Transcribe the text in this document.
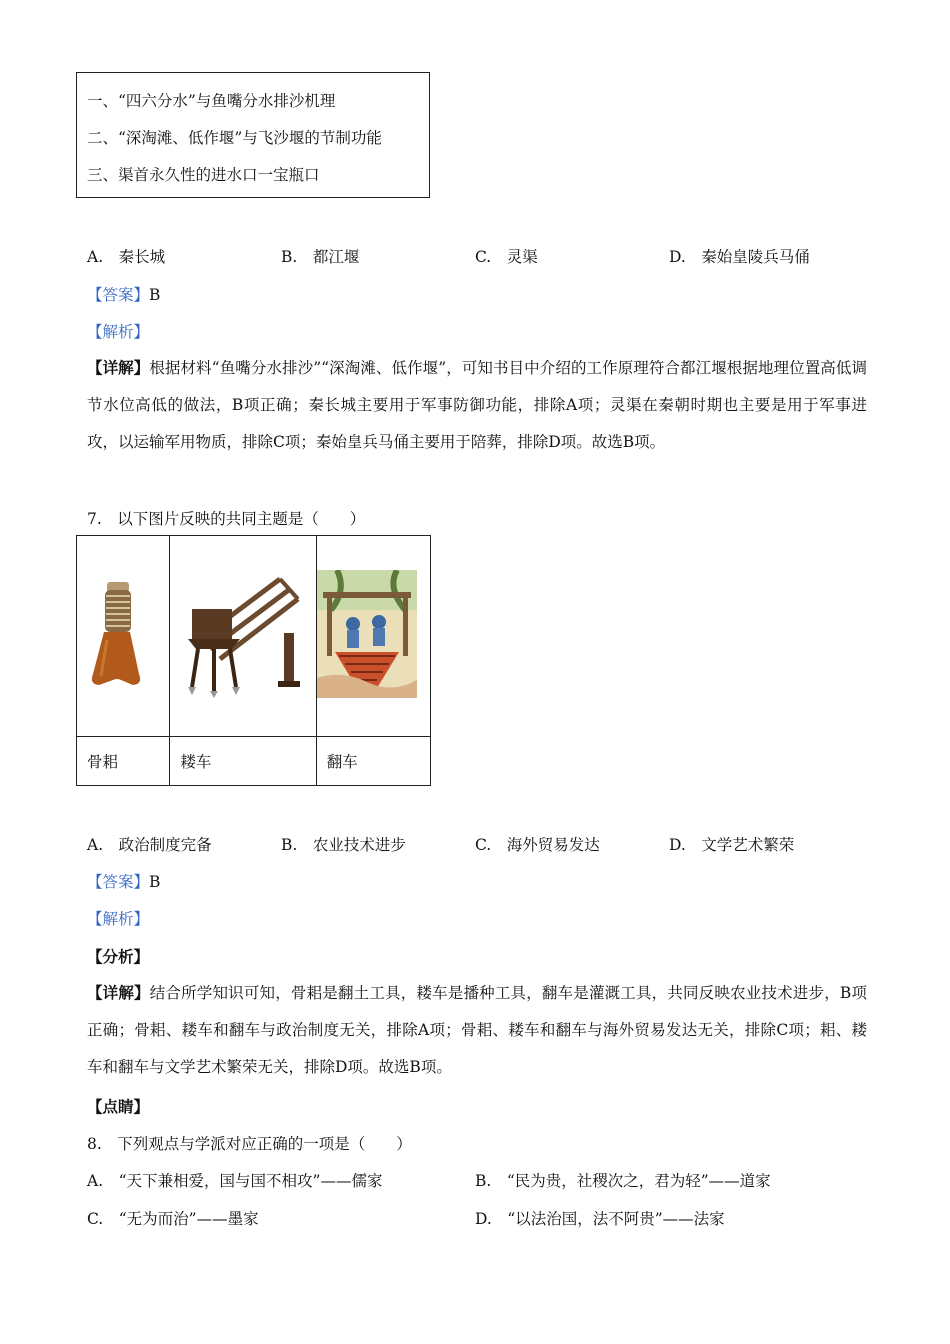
一、“四六分水”与鱼嘴分水排沙机理
二、“深淘滩、低作堰”与飞沙堰的节制功能
三、渠首永久性的进水口一宝瓶口
A.　秦长城	B.　都江堰	C.　灵渠	D.　秦始皇陵兵马俑
【答案】B
【解析】
【详解】根据材料“鱼嘴分水排沙”“深淘滩、低作堰”，可知书目中介绍的工作原理符合都江堰根据地理位置高低调节水位高低的做法，B项正确；秦长城主要用于军事防御功能，排除A项；灵渠在秦朝时期也主要是用于军事进攻，以运输军用物质，排除C项；秦始皇兵马俑主要用于陪葬，排除D项。故选B项。
7.　以下图片反映的共同主题是（　　）

骨耜	耧车	翻车
A.　政治制度完备	B.　农业技术进步	C.　海外贸易发达	D.　文学艺术繁荣
【答案】B
【解析】
【分析】
【详解】结合所学知识可知，骨耜是翻土工具，耧车是播种工具，翻车是灌溉工具，共同反映农业技术进步，B项正确；骨耜、耧车和翻车与政治制度无关，排除A项；骨耜、耧车和翻车与海外贸易发达无关，排除C项；耜、耧车和翻车与文学艺术繁荣无关，排除D项。故选B项。
【点睛】
8.　下列观点与学派对应正确的一项是（　　）
A.　“天下兼相爱，国与国不相攻”——儒家	B.　“民为贵，社稷次之，君为轻”——道家
C.　“无为而治”——墨家	D.　“以法治国，法不阿贵”——法家
